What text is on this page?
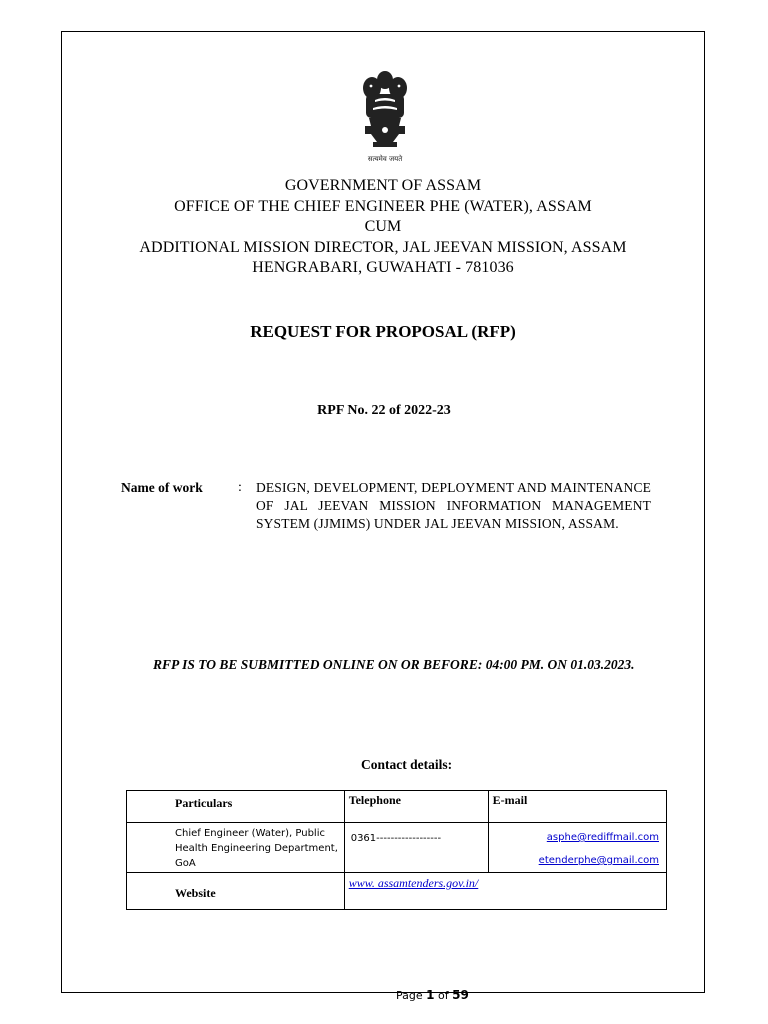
सत्यमेव जयते
GOVERNMENT OF ASSAM
OFFICE OF THE CHIEF ENGINEER PHE (WATER), ASSAM
CUM
ADDITIONAL MISSION DIRECTOR, JAL JEEVAN MISSION, ASSAM
HENGRABARI, GUWAHATI - 781036
REQUEST FOR PROPOSAL (RFP)
RPF No. 22 of 2022-23
Name of work	: DESIGN, DEVELOPMENT, DEPLOYMENT AND MAINTENANCE OF JAL JEEVAN MISSION INFORMATION MANAGEMENT SYSTEM (JJMIMS) UNDER JAL JEEVAN MISSION, ASSAM.
RFP IS TO BE SUBMITTED ONLINE ON OR BEFORE: 04:00 PM. ON 01.03.2023.
Contact details:
Particulars	Telephone	E-mail

Chief Engineer (Water), Public Health Engineering Department, GoA	0361------------------	asphe@rediffmail.com
etenderphe@gmail.com

Website	www. assamtenders.gov.in/	
Page 1 of 59
